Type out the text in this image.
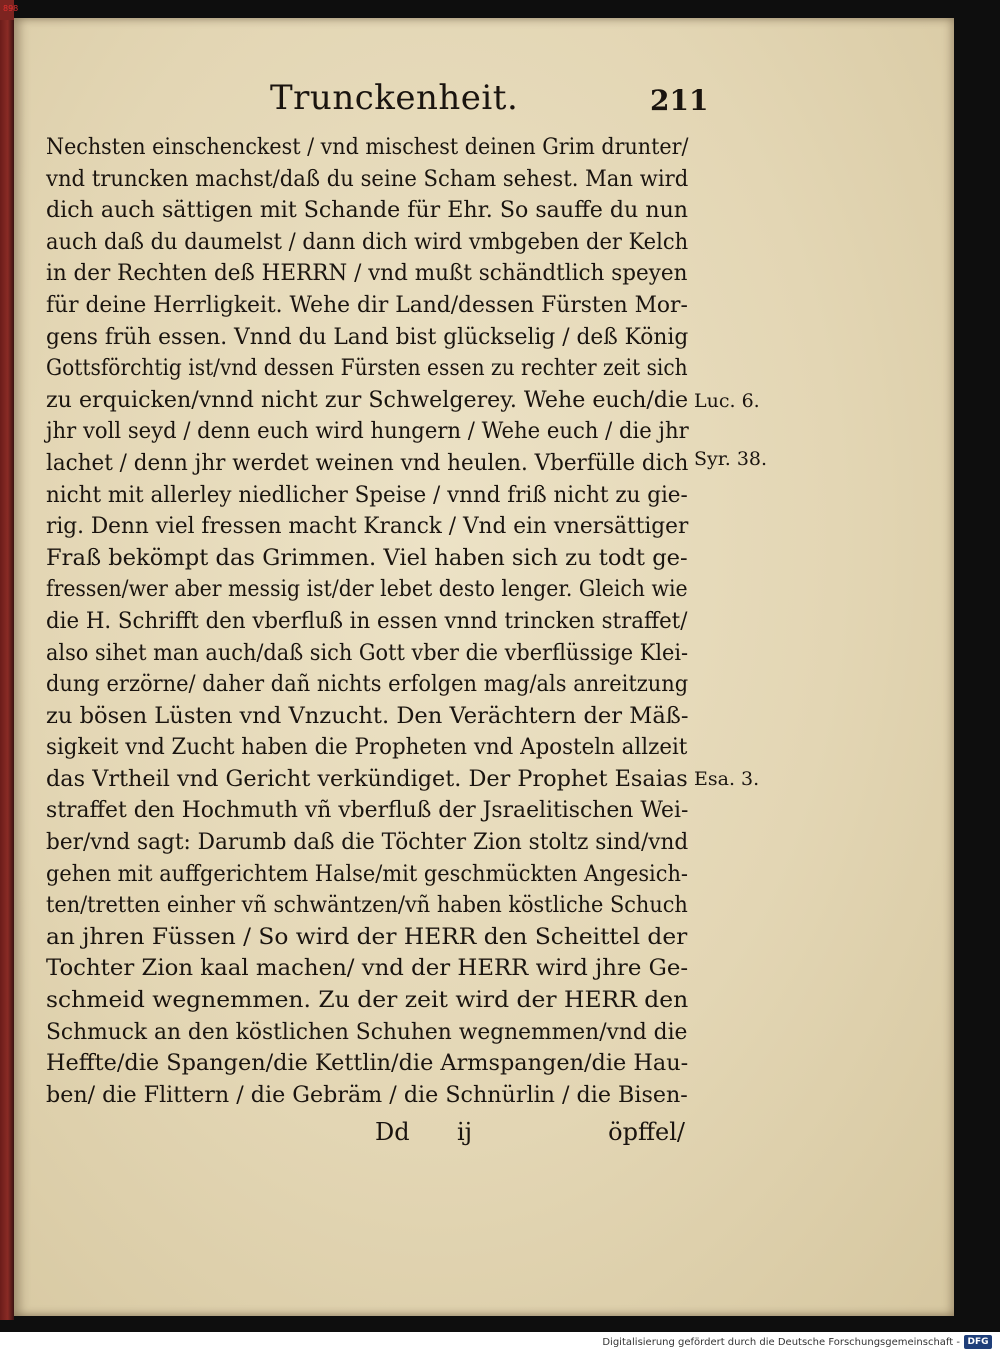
898
Trunckenheit.	211
Nechsten einschenckest / vnd mischest deinen Grim drunter/
vnd truncken machst/daß du seine Scham sehest. Man wird
dich auch sättigen mit Schande für Ehr. So sauffe du nun
auch daß du daumelst / dann dich wird vmbgeben der Kelch
in der Rechten deß HERRN / vnd mußt schändtlich speyen
für deine Herrligkeit. Wehe dir Land/dessen Fürsten Mor-
gens früh essen. Vnnd du Land bist glückselig / deß König
Gottsförchtig ist/vnd dessen Fürsten essen zu rechter zeit sich
zu erquicken/vnnd nicht zur Schwelgerey. Wehe euch/die
jhr voll seyd / denn euch wird hungern / Wehe euch / die jhr
lachet / denn jhr werdet weinen vnd heulen. Vberfülle dich
nicht mit allerley niedlicher Speise / vnnd friß nicht zu gie-
rig. Denn viel fressen macht Kranck / Vnd ein vnersättiger
Fraß bekömpt das Grimmen. Viel haben sich zu todt ge-
fressen/wer aber messig ist/der lebet desto lenger. Gleich wie
die H. Schrifft den vberfluß in essen vnnd trincken straffet/
also sihet man auch/daß sich Gott vber die vberflüssige Klei-
dung erzörne/ daher dañ nichts erfolgen mag/als anreitzung
zu bösen Lüsten vnd Vnzucht. Den Verächtern der Mäß-
sigkeit vnd Zucht haben die Propheten vnd Aposteln allzeit
das Vrtheil vnd Gericht verkündiget. Der Prophet Esaias
straffet den Hochmuth vñ vberfluß der Jsraelitischen Wei-
ber/vnd sagt: Darumb daß die Töchter Zion stoltz sind/vnd
gehen mit auffgerichtem Halse/mit geschmückten Angesich-
ten/tretten einher vñ schwäntzen/vñ haben köstliche Schuch
an jhren Füssen / So wird der HERR den Scheittel der
Tochter Zion kaal machen/ vnd der HERR wird jhre Ge-
schmeid wegnemmen. Zu der zeit wird der HERR den
Schmuck an den köstlichen Schuhen wegnemmen/vnd die
Heffte/die Spangen/die Kettlin/die Armspangen/die Hau-
ben/ die Flittern / die Gebräm / die Schnürlin / die Bisen-
Luc. 6.
Syr. 38.
Esa. 3.
Dd ij	öpffel/
Digitalisierung gefördert durch die Deutsche Forschungsgemeinschaft - DFG
